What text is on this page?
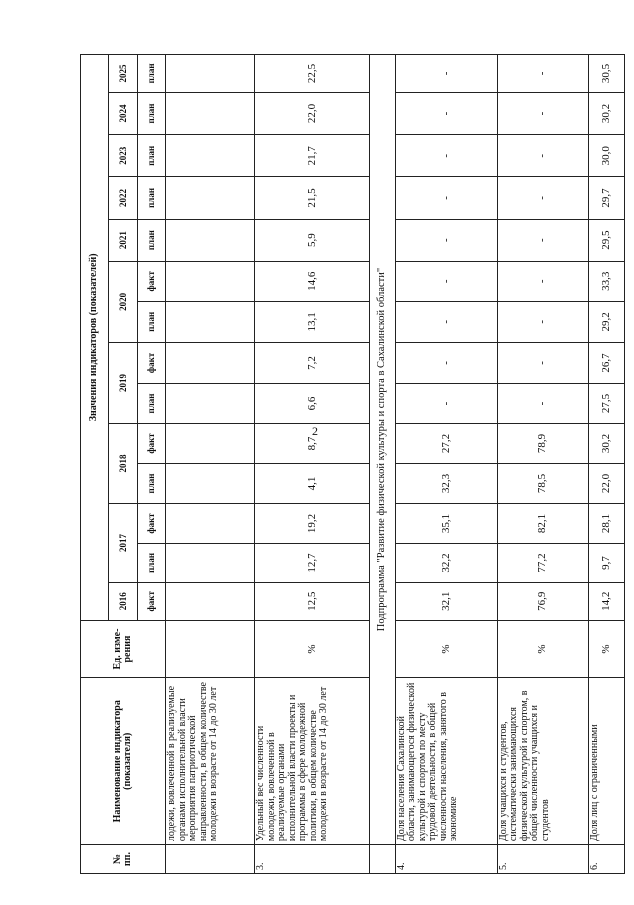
2
№ пп.	Наименование индикатора (показателя)	Ед. изме-рения	Значения индикаторов (показателей)													
			2016	2017		2018		2019		2020		2021	2022	2023	2024	2025
			факт	план	факт	план	факт	план	факт	план	факт	план	план	план	план	план
	лодежи, вовлеченной в реализуемые органами исполнительной власти мероприятия патриотической направленности, в общем количестве молодежи в возрасте от 14 до 30 лет															
3.	Удельный вес численности молодежи, вовлеченной в реализуемые органами исполнительной власти проекты и программы в сфере молодежной политики, в общем количестве молодежи в возрасте от 14 до 30 лет	%	12,5	12,7	19,2	4,1	8,7	6,6	7,2	13,1	14,6	5,9	21,5	21,7	22,0	22,5
	Подпрограмма "Развитие физической культуры и спорта в Сахалинской области"															
4.	Доля населения Сахалинской области, занимающегося физической культурой и спортом по месту трудовой деятельности, в общей численности населения, занятого в экономике	%	32,1	32,2	35,1	32,3	27,2	-	-	-	-	-	-	-	-	-
5.	Доля учащихся и студентов, систематически занимающихся физической культурой и спортом, в общей численности учащихся и студентов	%	76,9	77,2	82,1	78,5	78,9	-	-	-	-	-	-	-	-	-
6.	Доля лиц с ограниченными	%	14,2	9,7	28,1	22,0	30,2	27,5	26,7	29,2	33,3	29,5	29,7	30,0	30,2	30,5
